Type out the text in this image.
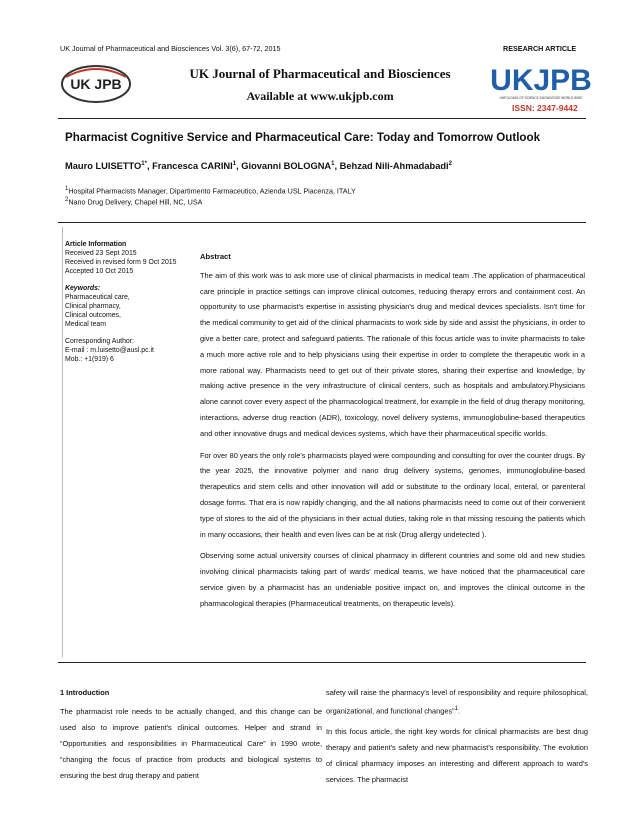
UK Journal of Pharmaceutical and Biosciences Vol. 3(6), 67-72, 2015	RESEARCH ARTICLE
UK JPB
UK Journal of Pharmaceutical and Biosciences
Available at www.ukjpb.com	UKJPB
UNFOLDING OF SCIENCE KNOWLEDGE WORLD WIDE
ISSN: 2347-9442
Pharmacist Cognitive Service and Pharmaceutical Care: Today and Tomorrow Outlook
Mauro $LUISETTO^{1*}$, Francesca CARINI$^1$, Giovanni BOLOGNA$^1$, Behzad Nili-Ahmadabadi$^2$
$^1$Hospital Pharmacists Manager, Dipartimento Farmaceutico, Azienda USL Piacenza, ITALY
$^2$Nano Drug Delivery, Chapel Hill, NC, USA
Article Information
Received 23 Sept 2015
Received in revised form 9 Oct 2015
Accepted 10 Oct 2015
Keywords:
Pharmaceutical care,
Clinical pharmacy,
Clinical outcomes,
Medical team
Corresponding Author:
E-mail : m.luisetto@ausl.pc.it
Mob.: +1(919) 6
Abstract

The aim of this work was to ask more use of clinical pharmacists in medical team .The application of pharmaceutical care principle in practice settings can improve clinical outcomes, reducing therapy errors and containment cost. An opportunity to use pharmacist's expertise in assisting physician's drug and medical devices specialists. Isn't time for the medical community to get aid of the clinical pharmacists to work side by side and assist the physicians, in order to give a better care, protect and safeguard patients. The rationale of this focus article was to invite pharmacists to take a much more active role and to help physicians using their expertise in order to complete the therapeutic work in a more rational way. Pharmacists need to get out of their private stores, sharing their expertise and knowledge, by making active presence in the very infrastructure of clinical centers, such as hospitals and ambulatory.Physicians alone cannot cover every aspect of the pharmacological treatment, for example in the field of drug therapy monitoring, interactions, adverse drug reaction (ADR), toxicology, novel delivery systems, immunoglobuline-based therapeutics and other innovative drugs and medical devices systems, which have their pharmaceutical specific worlds.

For over 80 years the only role's pharmacists played were compounding and consulting for over the counter drugs. By the year 2025, the innovative polymer and nano drug delivery systems, genomes, immunoglobuline-based therapeutics and stem cells and other innovation will add or substitute to the ordinary local, enteral, or parenteral dosage forms. That era is now rapidly changing, and the all nations pharmacists need to come out of their convenient type of stores to the aid of the physicians in their actual duties, taking role in that missing rescuing the patients which in many occasions, their health and even lives can be at risk (Drug allergy undetected ).

Observing some actual university courses of clinical pharmacy in different countries and some old and new studies involving clinical pharmacists taking part of wards' medical teams, we have noticed that the pharmaceutical care service given by a pharmacist has an undeniable positive impact on, and improves the clinical outcome in the pharmacological therapies (Pharmaceutical treatments, on therapeutic levels).

1 Introduction

The pharmacist role needs to be actually changed, and this change can be used also to improve patient's clinical outcomes. Helper and strand in “Opportunities and responsibilities in Pharmaceutical Care” in 1990 wrote, “changing the focus of practice from products and biological systems to ensuring the best drug therapy and patient

safety will raise the pharmacy's level of responsibility and require philosophical, organizational, and functional changes”$^1$.

In this focus article, the right key words for clinical pharmacists are best drug therapy and patient's safety and new pharmacist's responsibility. The evolution of clinical pharmacy imposes an interesting and different approach to ward's services. The pharmacist
